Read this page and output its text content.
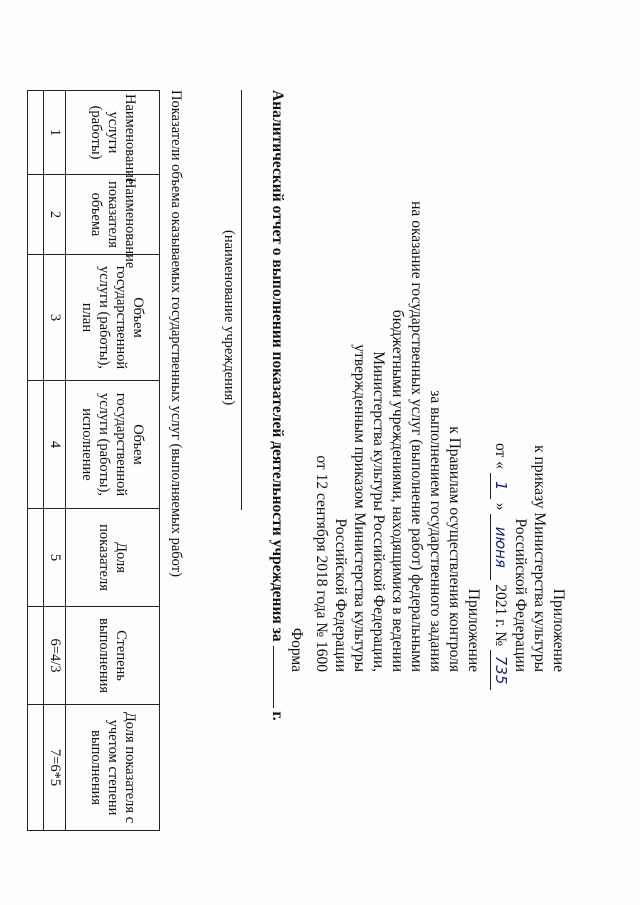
Приложение
к приказу Министерства культуры
Российской Федерации
от « 1 » июня 2021 г. № 735
Приложение
к Правилам осуществления контроля
за выполнением государственного задания
на оказание государственных услуг (выполнение работ) федеральными
бюджетными учреждениями, находящимися в ведении
Министерства культуры Российской Федерации,
утвержденным приказом Министерства культуры
Российской Федерации
от 12 сентября 2018 года № 1600
Форма
Аналитический отчет о выполнении показателей деятельности учреждения за  г.
(наименование учреждения)
Показатели объема оказываемых государственных услуг (выполняемых работ)
Наименование услуги (работы)	Наименование показателя объема	Объем государственной услуги (работы), план	Объем государственной услуги (работы), исполнение	Доля показателя	Степень выполнения	Доля показателя с учетом степени выполнения
1	2	3	4	5	6=4/3	7=6*5
